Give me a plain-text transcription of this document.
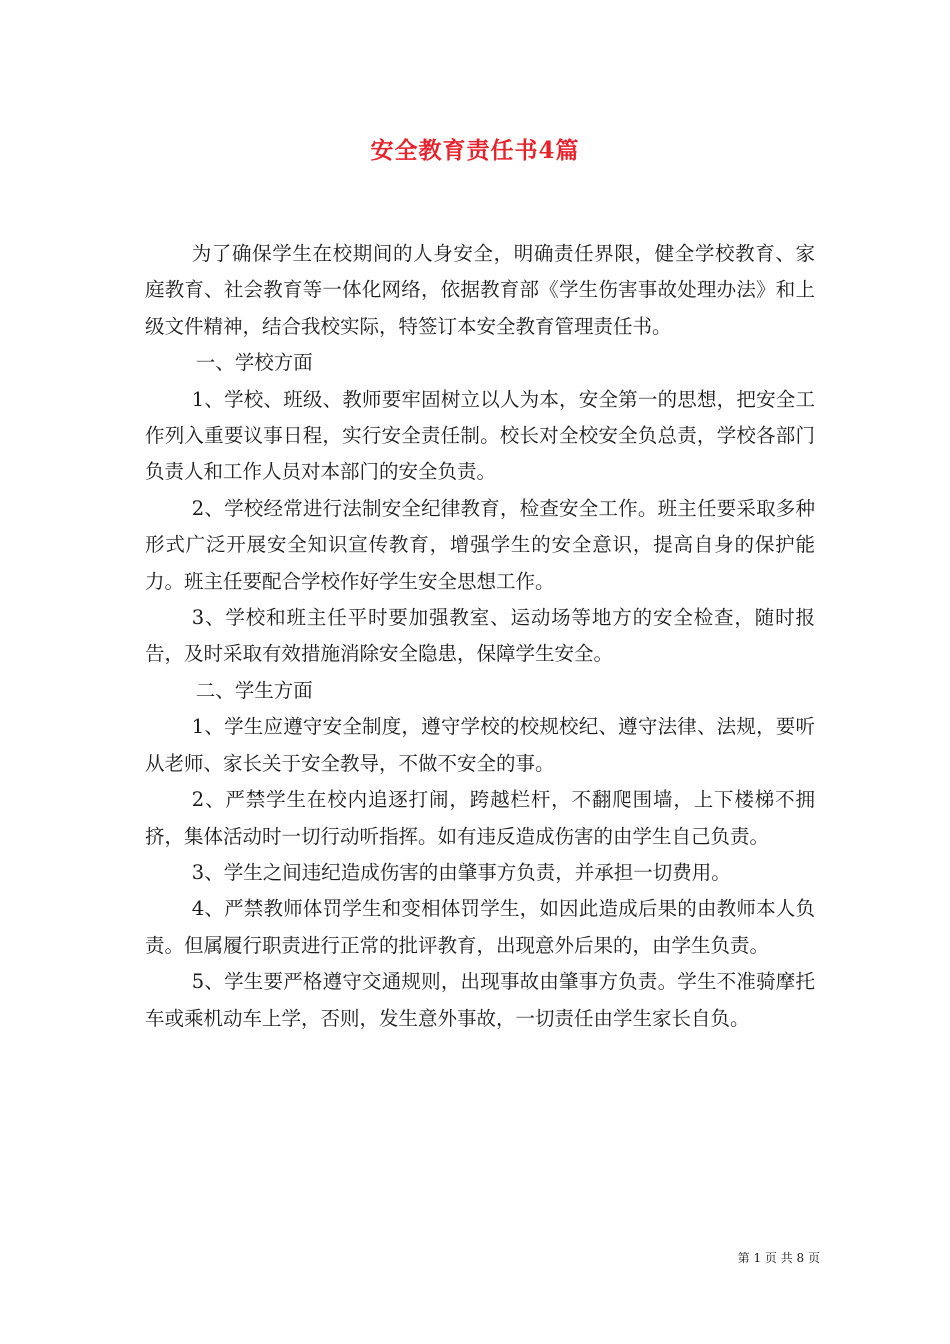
安全教育责任书4篇

为了确保学生在校期间的人身安全，明确责任界限，健全学校教育、家庭教育、社会教育等一体化网络，依据教育部《学生伤害事故处理办法》和上级文件精神，结合我校实际，特签订本安全教育管理责任书。

一、学校方面

1、学校、班级、教师要牢固树立以人为本，安全第一的思想，把安全工作列入重要议事日程，实行安全责任制。校长对全校安全负总责，学校各部门负责人和工作人员对本部门的安全负责。

2、学校经常进行法制安全纪律教育，检查安全工作。班主任要采取多种形式广泛开展安全知识宣传教育，增强学生的安全意识，提高自身的保护能力。班主任要配合学校作好学生安全思想工作。

3、学校和班主任平时要加强教室、运动场等地方的安全检查，随时报告，及时采取有效措施消除安全隐患，保障学生安全。

二、学生方面

1、学生应遵守安全制度，遵守学校的校规校纪、遵守法律、法规，要听从老师、家长关于安全教导，不做不安全的事。

2、严禁学生在校内追逐打闹，跨越栏杆，不翻爬围墙，上下楼梯不拥挤，集体活动时一切行动听指挥。如有违反造成伤害的由学生自己负责。

3、学生之间违纪造成伤害的由肇事方负责，并承担一切费用。

4、严禁教师体罚学生和变相体罚学生，如因此造成后果的由教师本人负责。但属履行职责进行正常的批评教育，出现意外后果的，由学生负责。

5、学生要严格遵守交通规则，出现事故由肇事方负责。学生不准骑摩托车或乘机动车上学，否则，发生意外事故，一切责任由学生家长自负。

第 1 页 共 8 页
